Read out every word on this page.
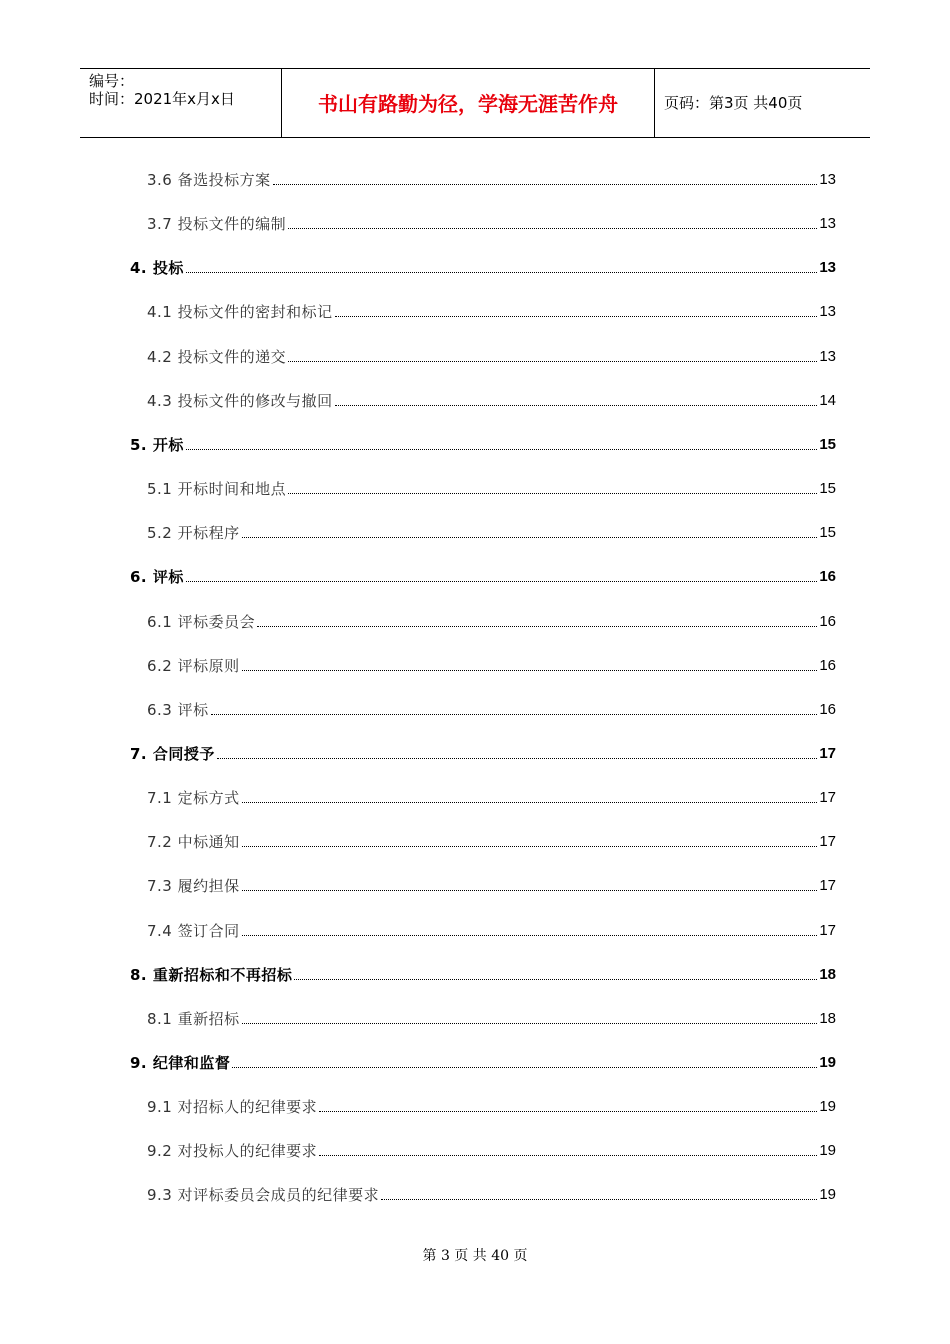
编号：
时间：2021年x月x日	书山有路勤为径，学海无涯苦作舟	页码：第3页 共40页
3.6 备选投标方案	13
3.7 投标文件的编制	13
4. 投标	13
4.1 投标文件的密封和标记	13
4.2 投标文件的递交	13
4.3 投标文件的修改与撤回	14
5. 开标	15
5.1 开标时间和地点	15
5.2 开标程序	15
6. 评标	16
6.1 评标委员会	16
6.2 评标原则	16
6.3 评标	16
7. 合同授予	17
7.1 定标方式	17
7.2 中标通知	17
7.3 履约担保	17
7.4 签订合同	17
8. 重新招标和不再招标	18
8.1 重新招标	18
9. 纪律和监督	19
9.1 对招标人的纪律要求	19
9.2 对投标人的纪律要求	19
9.3 对评标委员会成员的纪律要求	19
第 3 页 共 40 页
